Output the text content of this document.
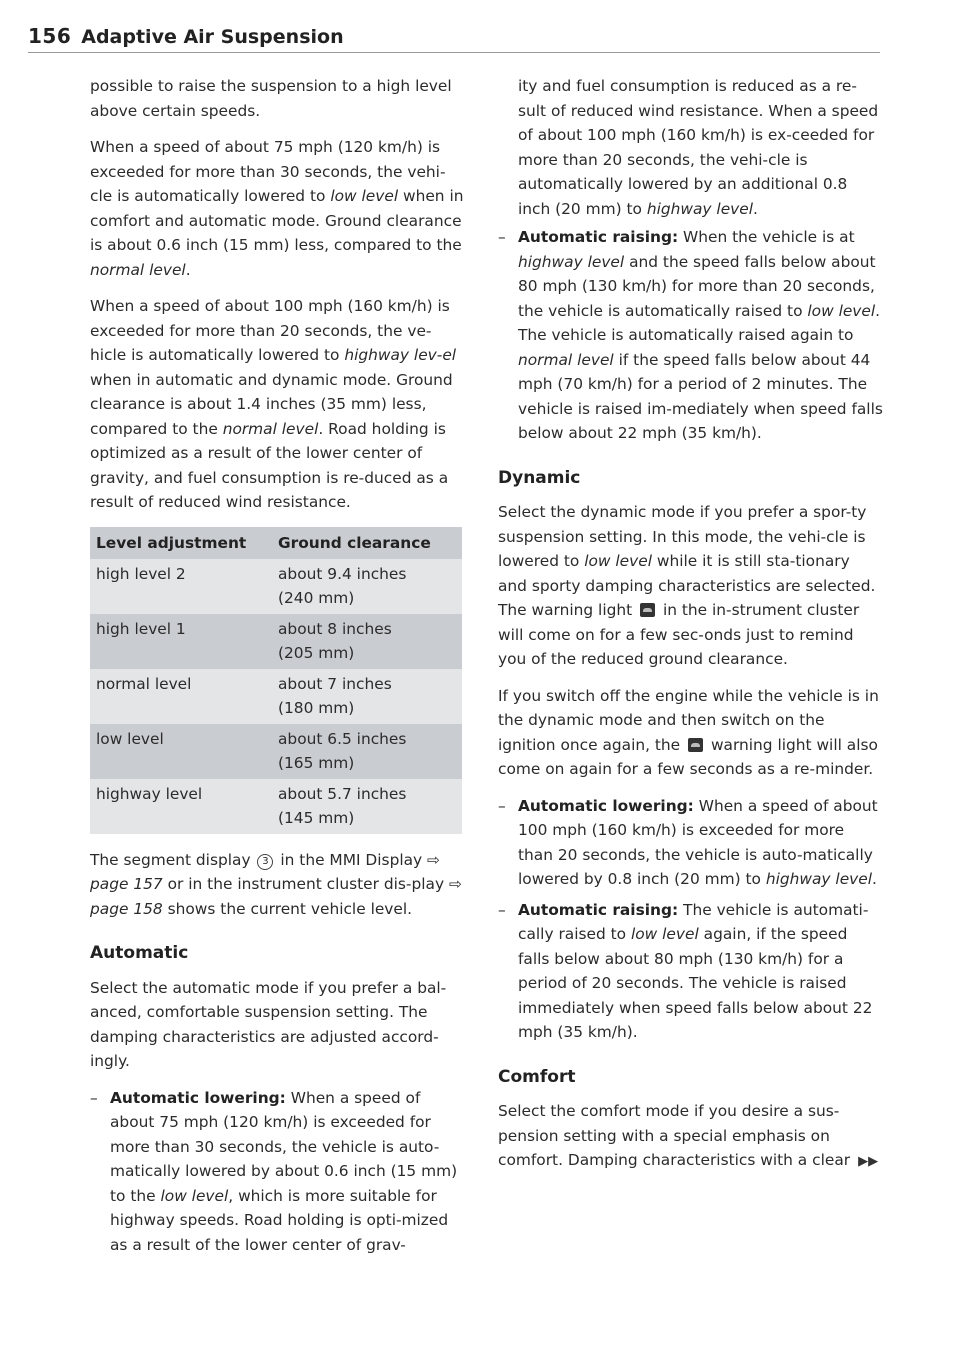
156 Adaptive Air Suspension

possible to raise the suspension to a high level above certain speeds.

When a speed of about 75 mph (120 km/h) is exceeded for more than 30 seconds, the vehi-cle is automatically lowered to low level when in comfort and automatic mode. Ground clearance is about 0.6 inch (15 mm) less, compared to the normal level.

When a speed of about 100 mph (160 km/h) is exceeded for more than 20 seconds, the ve-hicle is automatically lowered to highway lev-el when in automatic and dynamic mode. Ground clearance is about 1.4 inches (35 mm) less, compared to the normal level. Road holding is optimized as a result of the lower center of gravity, and fuel consumption is re-duced as a result of reduced wind resistance.

Level adjustment	Ground clearance
high level 2	about 9.4 inches
(240 mm)

high level 1	about 8 inches
(205 mm)

normal level	about 7 inches
(180 mm)

low level	about 6.5 inches
(165 mm)

highway level	about 5.7 inches
(145 mm)

The segment display 3 in the MMI Display ⇨ page 157 or in the instrument cluster dis-play ⇨ page 158 shows the current vehicle level.

Automatic

Select the automatic mode if you prefer a bal-anced, comfortable suspension setting. The damping characteristics are adjusted accord-ingly.

– Automatic lowering: When a speed of about 75 mph (120 km/h) is exceeded for more than 30 seconds, the vehicle is auto-matically lowered by about 0.6 inch (15 mm) to the low level, which is more suitable for highway speeds. Road holding is opti-mized as a result of the lower center of grav-

ity and fuel consumption is reduced as a re-sult of reduced wind resistance. When a speed of about 100 mph (160 km/h) is ex-ceeded for more than 20 seconds, the vehi-cle is automatically lowered by an additional 0.8 inch (20 mm) to highway level.

– Automatic raising: When the vehicle is at highway level and the speed falls below about 80 mph (130 km/h) for more than 20 seconds, the vehicle is automatically raised to low level. The vehicle is automatically raised again to normal level if the speed falls below about 44 mph (70 km/h) for a period of 2 minutes. The vehicle is raised im-mediately when speed falls below about 22 mph (35 km/h).
Dynamic

Select the dynamic mode if you prefer a spor-ty suspension setting. In this mode, the vehi-cle is lowered to low level while it is still sta-tionary and sporty damping characteristics are selected. The warning light  in the in-strument cluster will come on for a few sec-onds just to remind you of the reduced ground clearance.

If you switch off the engine while the vehicle is in the dynamic mode and then switch on the ignition once again, the  warning light will also come on again for a few seconds as a re-minder.

– Automatic lowering: When a speed of about 100 mph (160 km/h) is exceeded for more than 20 seconds, the vehicle is auto-matically lowered by 0.8 inch (20 mm) to highway level.
– Automatic raising: The vehicle is automati-cally raised to low level again, if the speed falls below about 80 mph (130 km/h) for a period of 20 seconds. The vehicle is raised immediately when speed falls below about 22 mph (35 km/h).
Comfort

Select the comfort mode if you desire a sus-pension setting with a special emphasis on comfort. Damping characteristics with a clear ▶▶
